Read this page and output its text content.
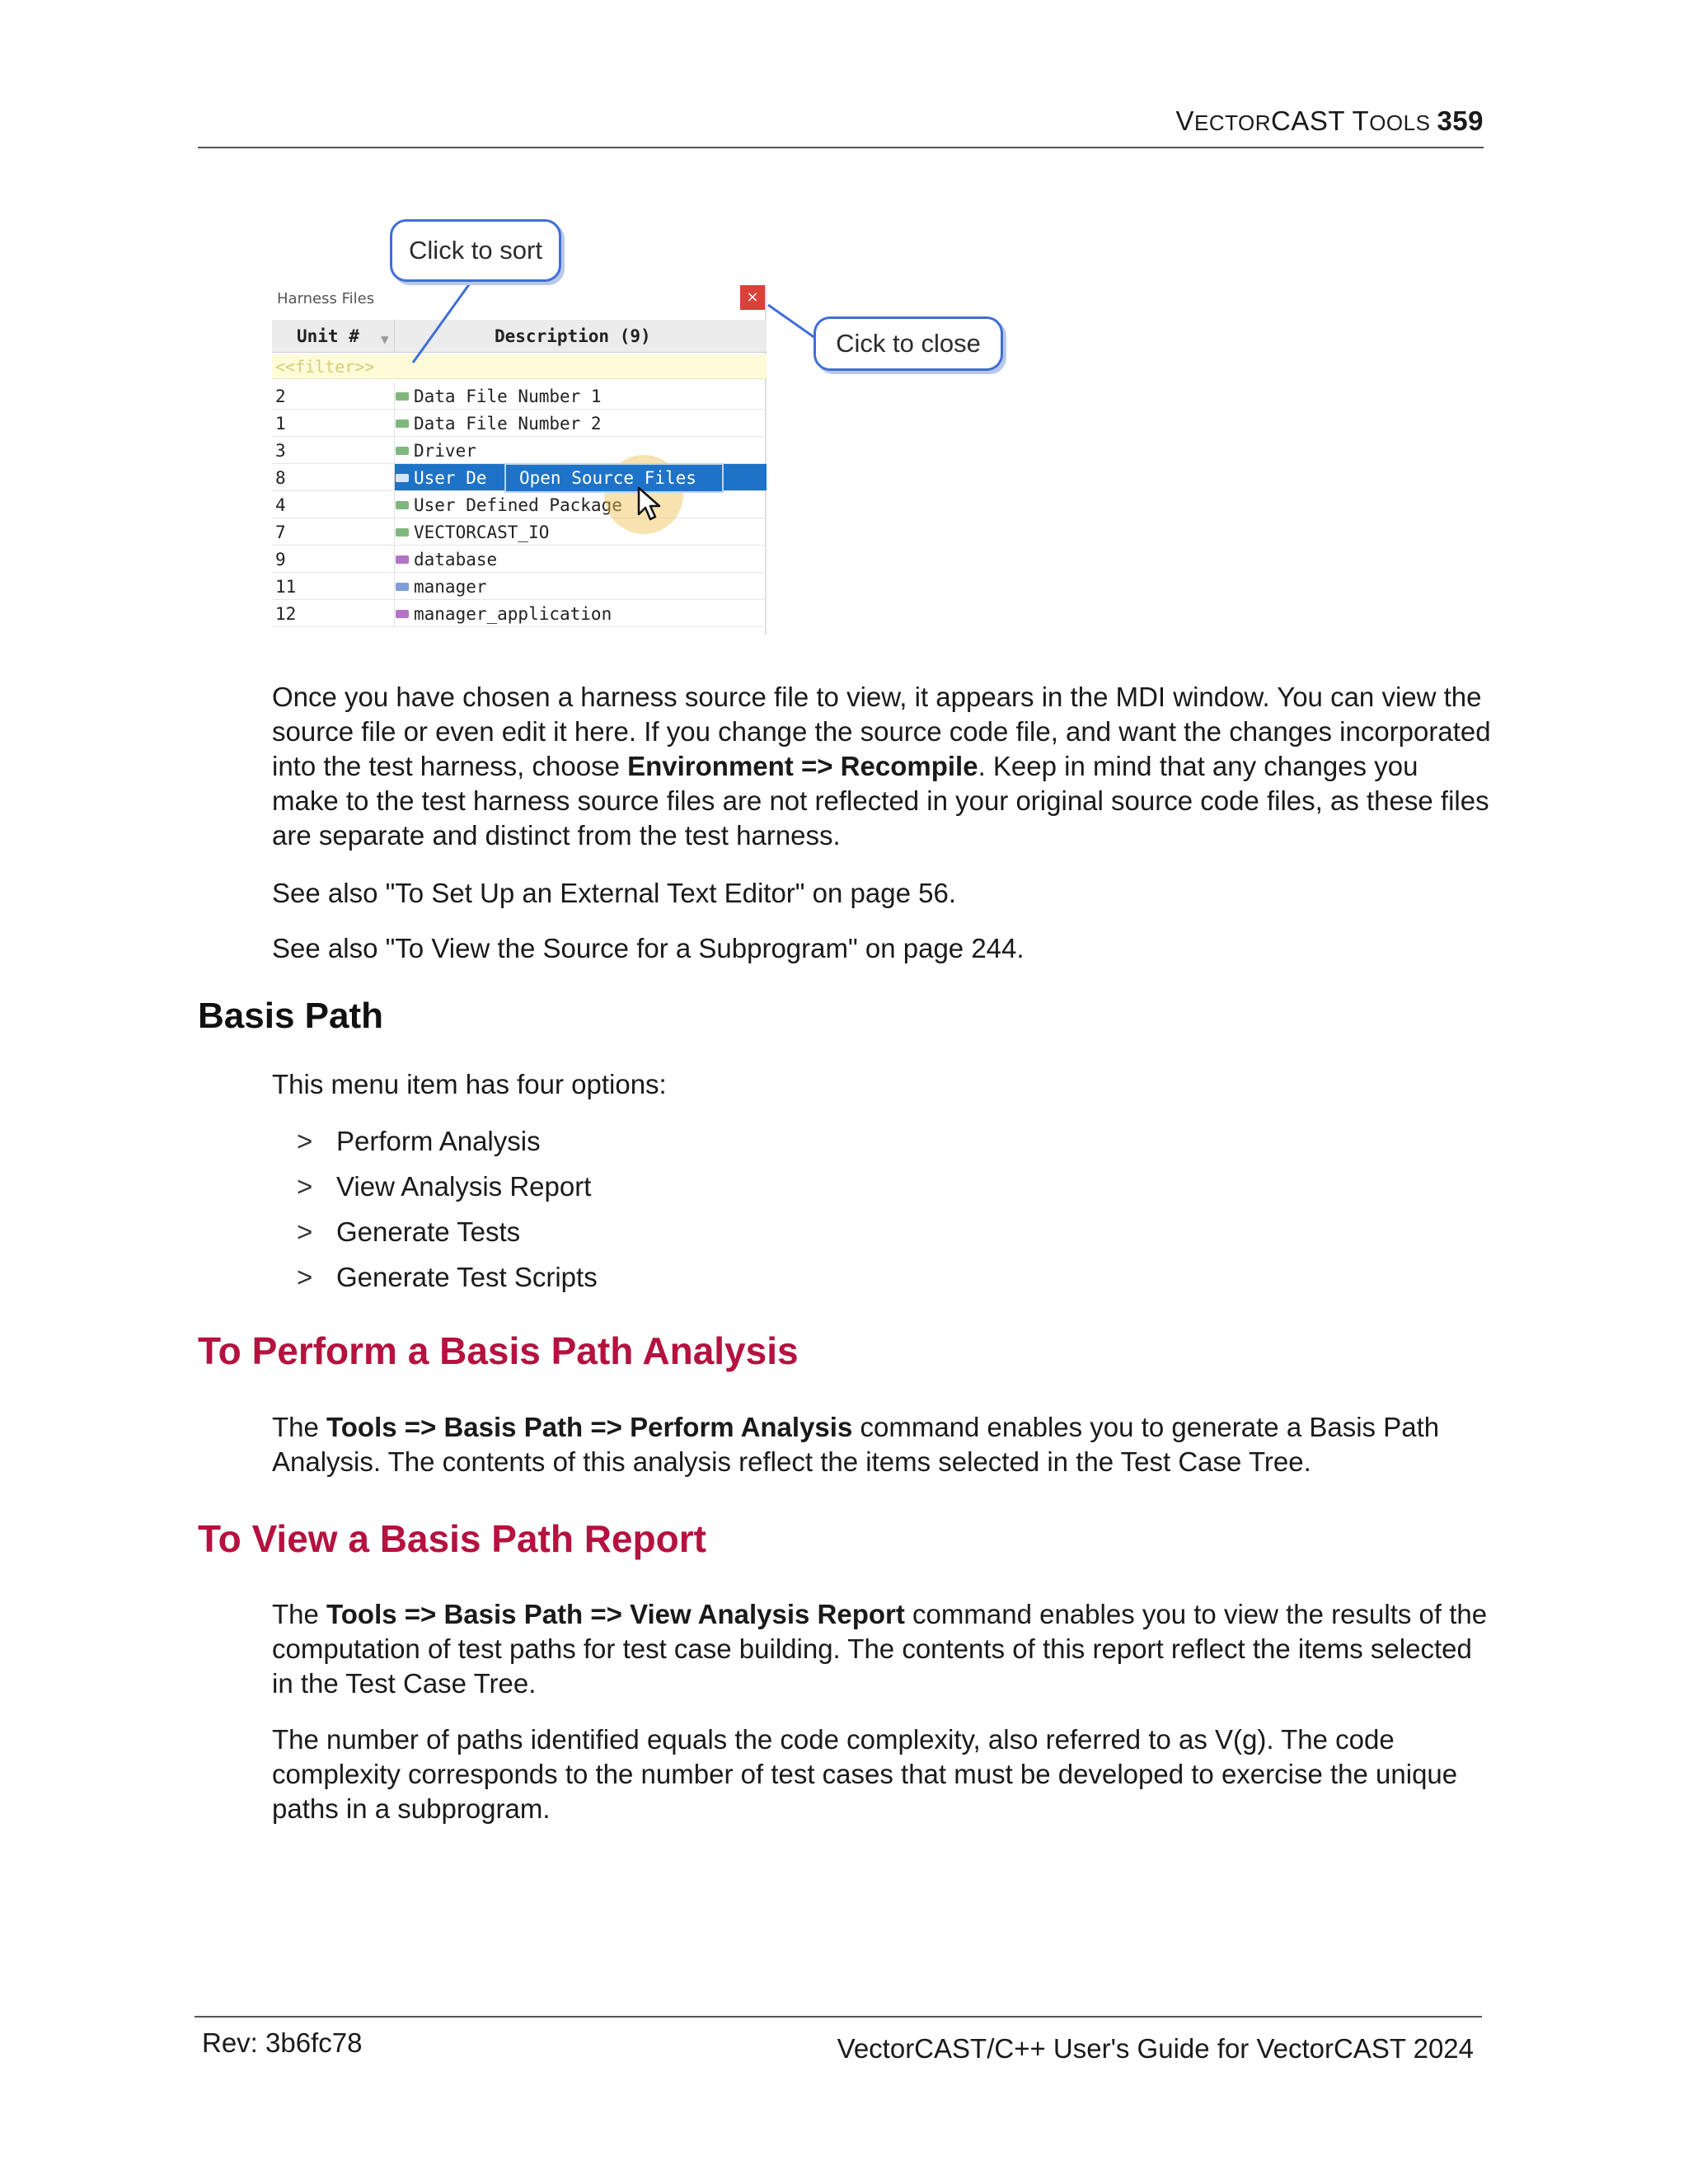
VECTORCAST TOOLS 359
Harness Files	×
Unit # ▼	Description (9)
<<filter>>
2	Data File Number 1
1	Data File Number 2
3	Driver
8	User De
4	User Defined Package
7	VECTORCAST_IO
9	database
11	manager
12	manager_application
Open Source Files
Click to sort
Cick to close

Once you have chosen a harness source file to view, it appears in the MDI window. You can view the source file or even edit it here. If you change the source code file, and want the changes incorporated into the test harness, choose Environment => Recompile. Keep in mind that any changes you make to the test harness source files are not reflected in your original source code files, as these files are separate and distinct from the test harness.

See also "To Set Up an External Text Editor" on page 56.

See also "To View the Source for a Subprogram" on page 244.

Basis Path

This menu item has four options:

> Perform Analysis
> View Analysis Report
> Generate Tests
> Generate Test Scripts
To Perform a Basis Path Analysis

The Tools => Basis Path => Perform Analysis command enables you to generate a Basis Path Analysis. The contents of this analysis reflect the items selected in the Test Case Tree.

To View a Basis Path Report

The Tools => Basis Path => View Analysis Report command enables you to view the results of the computation of test paths for test case building. The contents of this report reflect the items selected in the Test Case Tree.

The number of paths identified equals the code complexity, also referred to as V(g). The code complexity corresponds to the number of test cases that must be developed to exercise the unique paths in a subprogram.

Rev: 3b6fc78	VectorCAST/C++ User's Guide for VectorCAST 2024
